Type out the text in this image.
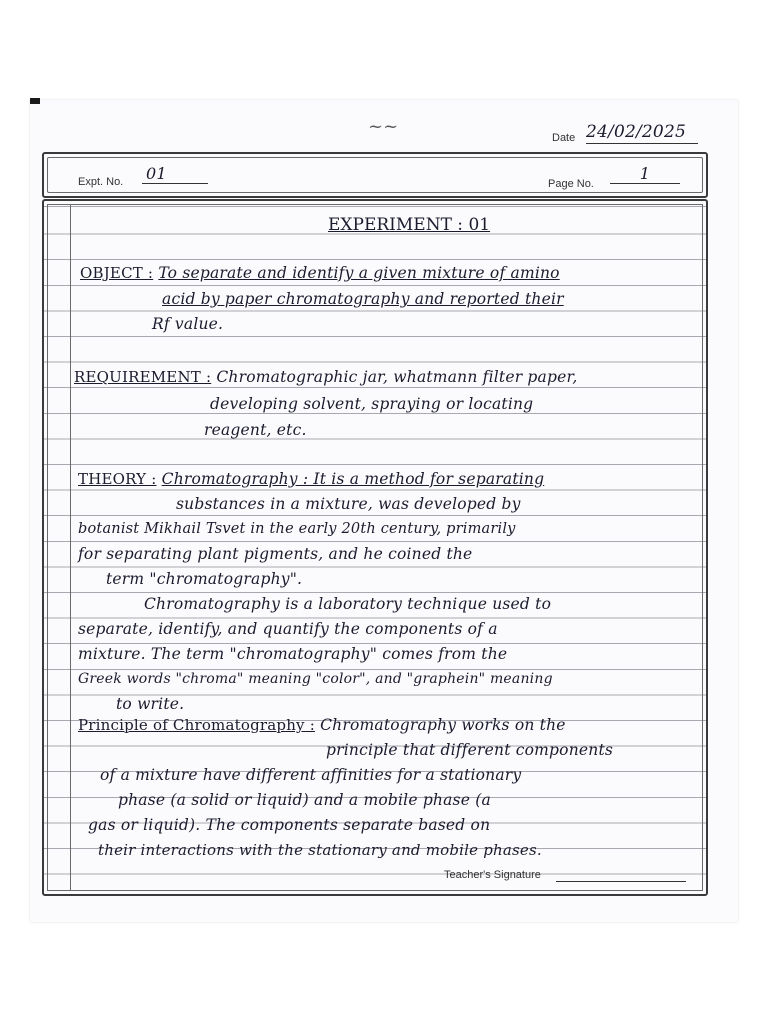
~~
Date 24/02/2025
Expt. No. 01
Page No.
1
EXPERIMENT : 01
OBJECT : To separate and identify a given mixture of amino
acid by paper chromatography and reported their
Rf value.
REQUIREMENT : Chromatographic jar, whatmann filter paper,
developing solvent, spraying or locating
reagent, etc.
THEORY : Chromatography : It is a method for separating
substances in a mixture, was developed by
botanist Mikhail Tsvet in the early 20th century, primarily
for separating plant pigments, and he coined the
term "chromatography".
Chromatography is a laboratory technique used to
separate, identify, and quantify the components of a
mixture. The term "chromatography" comes from the
Greek words "chroma" meaning "color", and "graphein" meaning
to write.
Principle of Chromatography : Chromatography works on the
principle that different components
of a mixture have different affinities for a stationary
phase (a solid or liquid) and a mobile phase (a
gas or liquid). The components separate based on
their interactions with the stationary and mobile phases.
Teacher's Signature
